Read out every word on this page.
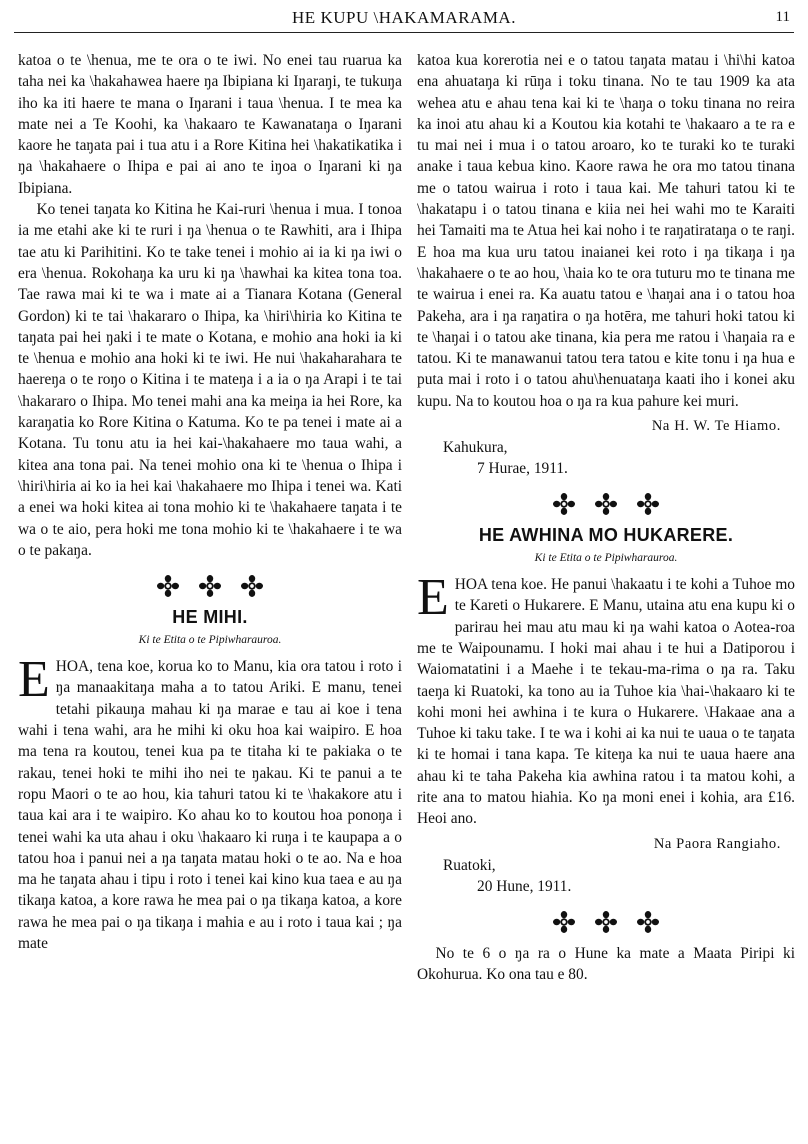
HE KUPU \HAKAMARAMA.	11

katoa o te \henua, me te ora o te iwi. No enei tau ruarua ka taha nei ka \hakahawea haere ŋa Ibipiana ki Iŋaraŋi, te tukuŋa iho ka iti haere te mana o Iŋarani i taua \henua. I te mea ka mate nei a Te Koohi, ka \hakaaro te Kawanataŋa o Iŋarani kaore he taŋata pai i tua atu i a Rore Kitina hei \hakatikatika i ŋa \hakahaere o Ihipa e pai ai ano te iŋoa o Iŋarani ki ŋa Ibipiana.

Ko tenei taŋata ko Kitina he Kai-ruri \henua i mua. I tonoa ia me etahi ake ki te ruri i ŋa \henua o te Rawhiti, ara i Ihipa tae atu ki Parihitini. Ko te take tenei i mohio ai ia ki ŋa iwi o era \henua. Rokohaŋa ka uru ki ŋa \hawhai ka kitea tona toa. Tae rawa mai ki te wa i mate ai a Tianara Kotana (General Gordon) ki te tai \hakararo o Ihipa, ka \hiri\hiria ko Kitina te taŋata pai hei ŋaki i te mate o Kotana, e mohio ana hoki ia ki te \henua e mohio ana hoki ki te iwi. He nui \hakaharahara te haereŋa o te roŋo o Kitina i te mateŋa i a ia o ŋa Arapi i te tai \hakararo o Ihipa. Mo tenei mahi ana ka meiŋa ia hei Rore, ka karaŋatia ko Rore Kitina o Katuma. Ko te pa tenei i mate ai a Kotana. Tu tonu atu ia hei kai-\hakahaere mo taua wahi, a kitea ana tona pai. Na tenei mohio ona ki te \henua o Ihipa i \hiri\hiria ai ko ia hei kai \hakahaere mo Ihipa i tenei wa. Kati a enei wa hoki kitea ai tona mohio ki te \hakahaere taŋata i te wa o te aio, pera hoki me tona mohio ki te \hakahaere i te wa o te pakaŋa.

HE MIHI.
Ki te Etita o te Pipiwharauroa.

EHOA, tena koe, korua ko to Manu, kia ora tatou i roto i ŋa manaakitaŋa maha a to tatou Ariki. E manu, tenei tetahi pikauŋa mahau ki ŋa marae e tau ai koe i tena wahi i tena wahi, ara he mihi ki oku hoa kai waipiro. E hoa ma tena ra koutou, tenei kua pa te titaha ki te pakiaka o te rakau, tenei hoki te mihi iho nei te ŋakau. Ki te panui a te ropu Maori o te ao hou, kia tahuri tatou ki te \hakakore atu i taua kai ara i te waipiro. Ko ahau ko to koutou hoa ponoŋa i tenei wahi ka uta ahau i oku \hakaaro ki ruŋa i te kaupapa a o tatou hoa i panui nei a ŋa taŋata matau hoki o te ao. Na e hoa ma he taŋata ahau i tipu i roto i tenei kai kino kua taea e au ŋa tikaŋa katoa, a kore rawa he mea pai o ŋa tikaŋa katoa, a kore rawa he mea pai o ŋa tikaŋa i mahia e au i roto i taua kai ; ŋa mate

katoa kua korerotia nei e o tatou taŋata matau i \hi\hi katoa ena ahuataŋa ki rūŋa i toku tinana. No te tau 1909 ka ata wehea atu e ahau tena kai ki te \haŋa o toku tinana no reira ka inoi atu ahau ki a Koutou kia kotahi te \hakaaro a te ra e tu mai nei i mua i o tatou aroaro, ko te turaki ko te turaki anake i taua kebua kino. Kaore rawa he ora mo tatou tinana me o tatou wairua i roto i taua kai. Me tahuri tatou ki te \hakatapu i o tatou tinana e kiia nei hei wahi mo te Karaiti hei Tamaiti ma te Atua hei kai noho i te raŋatirataŋa o te raŋi. E hoa ma kua uru tatou inaianei kei roto i ŋa tikaŋa i ŋa \hakahaere o te ao hou, \haia ko te ora tuturu mo te tinana me te wairua i enei ra. Ka auatu tatou e \haŋai ana i o tatou hoa Pakeha, ara i ŋa raŋatira o ŋa hotēra, me tahuri hoki tatou ki te \haŋai i o tatou ake tinana, kia pera me ratou i \haŋaia ra e tatou. Ki te manawanui tatou tera tatou e kite tonu i ŋa hua e puta mai i roto i o tatou ahu\henuataŋa kaati iho i konei aku kupu. Na to koutou hoa o ŋa ra kua pahure kei muri.

Na H. W. Te Hiamo.
Kahukura,
7 Hurae, 1911.
HE AWHINA MO HUKARERE.
Ki te Etita o te Pipiwharauroa.

EHOA tena koe. He panui \hakaatu i te kohi a Tuhoe mo te Kareti o Hukarere. E Manu, utaina atu ena kupu ki o parirau hei mau atu mau ki ŋa wahi katoa o Aotea-roa me te Waipounamu. I hoki mai ahau i te hui a Ŋatiporou i Waiomatatini i a Maehe i te tekau-ma-rima o ŋa ra. Taku taeŋa ki Ruatoki, ka tono au ia Tuhoe kia \hai-\hakaaro ki te kohi moni hei awhina i te kura o Hukarere. \Hakaae ana a Tuhoe ki taku take. I te wa i kohi ai ka nui te uaua o te taŋata ki te homai i tana kapa. Te kiteŋa ka nui te uaua haere ana ahau ki te taha Pakeha kia awhina ratou i ta matou kohi, a rite ana to matou hiahia. Ko ŋa moni enei i kohia, ara £16. Heoi ano.

Na Paora Rangiaho.
Ruatoki,
20 Hune, 1911.

No te 6 o ŋa ra o Hune ka mate a Maata Piripi ki Okohurua. Ko ona tau e 80.
